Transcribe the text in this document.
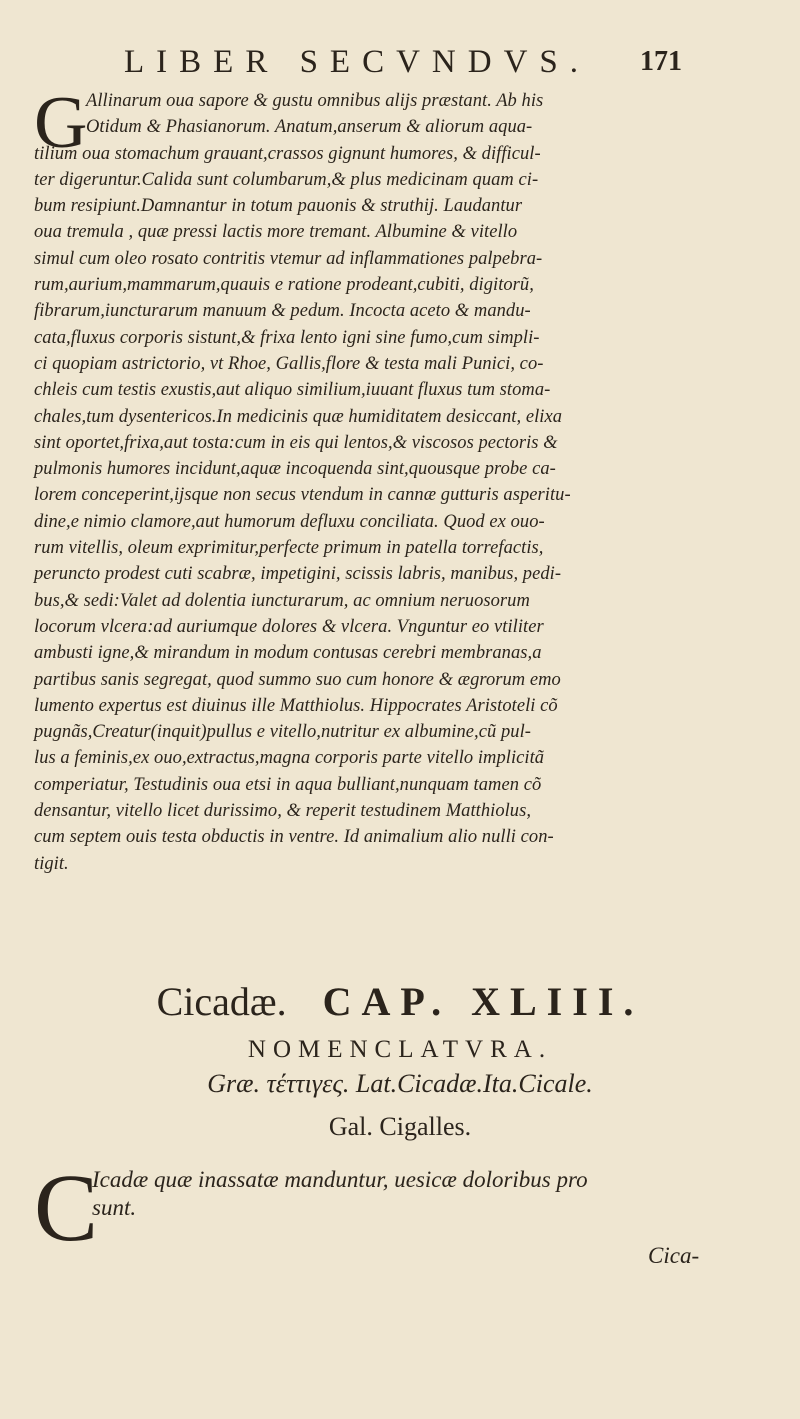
LIBER SECVNDVS. 171
G
Allinarum oua sapore & gustu omnibus alijs præstant. Ab his
Otidum & Phasianorum. Anatum,anserum & aliorum aqua-
tilium oua stomachum grauant,crassos gignunt humores, & difficul-
ter digeruntur.Calida sunt columbarum,& plus medicinam quam ci-
bum resipiunt.Damnantur in totum pauonis & struthij. Laudantur
oua tremula , quæ pressi lactis more tremant. Albumine & vitello
simul cum oleo rosato contritis vtemur ad inflammationes palpebra-
rum,aurium,mammarum,quauis e ratione prodeant,cubiti, digitorũ,
fibrarum,iuncturarum manuum & pedum. Incocta aceto & mandu-
cata,fluxus corporis sistunt,& frixa lento igni sine fumo,cum simpli-
ci quopiam astrictorio, vt Rhoe, Gallis,flore & testa mali Punici, co-
chleis cum testis exustis,aut aliquo similium,iuuant fluxus tum stoma-
chales,tum dysentericos.In medicinis quæ humiditatem desiccant, elixa
sint oportet,frixa,aut tosta:cum in eis qui lentos,& viscosos pectoris &
pulmonis humores incidunt,aquæ incoquenda sint,quousque probe ca-
lorem conceperint,ijsque non secus vtendum in cannæ gutturis asperitu-
dine,e nimio clamore,aut humorum defluxu conciliata. Quod ex ouo-
rum vitellis, oleum exprimitur,perfecte primum in patella torrefactis,
peruncto prodest cuti scabræ, impetigini, scissis labris, manibus, pedi-
bus,& sedi:Valet ad dolentia iuncturarum, ac omnium neruosorum
locorum vlcera:ad auriumque dolores & vlcera. Vnguntur eo vtiliter
ambusti igne,& mirandum in modum contusas cerebri membranas,a
partibus sanis segregat, quod summo suo cum honore & ægrorum emo
lumento expertus est diuinus ille Matthiolus. Hippocrates Aristoteli cõ
pugnãs,Creatur(inquit)pullus e vitello,nutritur ex albumine,cũ pul-
lus a feminis,ex ouo,extractus,magna corporis parte vitello implicitã
comperiatur, Testudinis oua etsi in aqua bulliant,nunquam tamen cõ
densantur, vitello licet durissimo, & reperit testudinem Matthiolus,
cum septem ouis testa obductis in ventre. Id animalium alio nulli con-
tigit.
Cicadæ. CAP. XLIII.
NOMENCLATVRA.
Græ. τέττιγες. Lat.Cicadæ.Ita.Cicale.
Gal. Cigalles.
C
Icadæ quæ inassatæ manduntur, uesicæ doloribus pro
sunt.
Cica-
